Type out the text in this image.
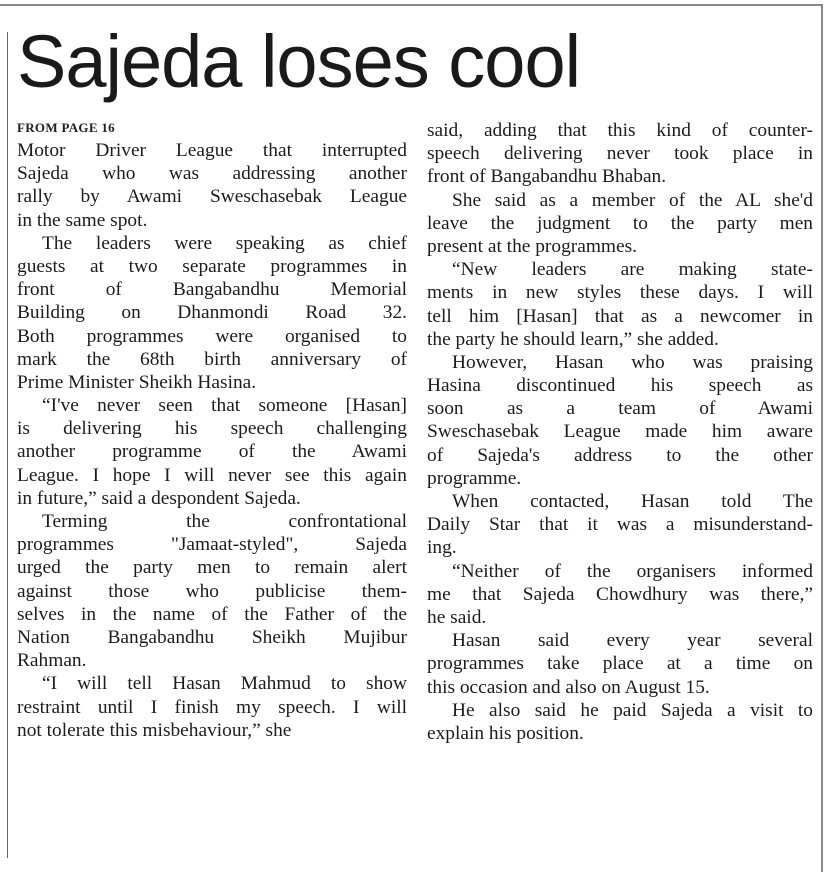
Sajeda loses cool
FROM PAGE 16
Motor Driver League that interrupted
Sajeda who was addressing another
rally by Awami Sweschasebak League
in the same spot.
The leaders were speaking as chief
guests at two separate programmes in
front of Bangabandhu Memorial
Building on Dhanmondi Road 32.
Both programmes were organised to
mark the 68th birth anniversary of
Prime Minister Sheikh Hasina.
“I've never seen that someone [Hasan]
is delivering his speech challenging
another programme of the Awami
League. I hope I will never see this again
in future,” said a despondent Sajeda.
Terming the confrontational
programmes "Jamaat-styled", Sajeda
urged the party men to remain alert
against those who publicise them-
selves in the name of the Father of the
Nation Bangabandhu Sheikh Mujibur
Rahman.
“I will tell Hasan Mahmud to show
restraint until I finish my speech. I will
not tolerate this misbehaviour,” she
said, adding that this kind of counter-
speech delivering never took place in
front of Bangabandhu Bhaban.
She said as a member of the AL she'd
leave the judgment to the party men
present at the programmes.
“New leaders are making state-
ments in new styles these days. I will
tell him [Hasan] that as a newcomer in
the party he should learn,” she added.
However, Hasan who was praising
Hasina discontinued his speech as
soon as a team of Awami
Sweschasebak League made him aware
of Sajeda's address to the other
programme.
When contacted, Hasan told The
Daily Star that it was a misunderstand-
ing.
“Neither of the organisers informed
me that Sajeda Chowdhury was there,”
he said.
Hasan said every year several
programmes take place at a time on
this occasion and also on August 15.
He also said he paid Sajeda a visit to
explain his position.
